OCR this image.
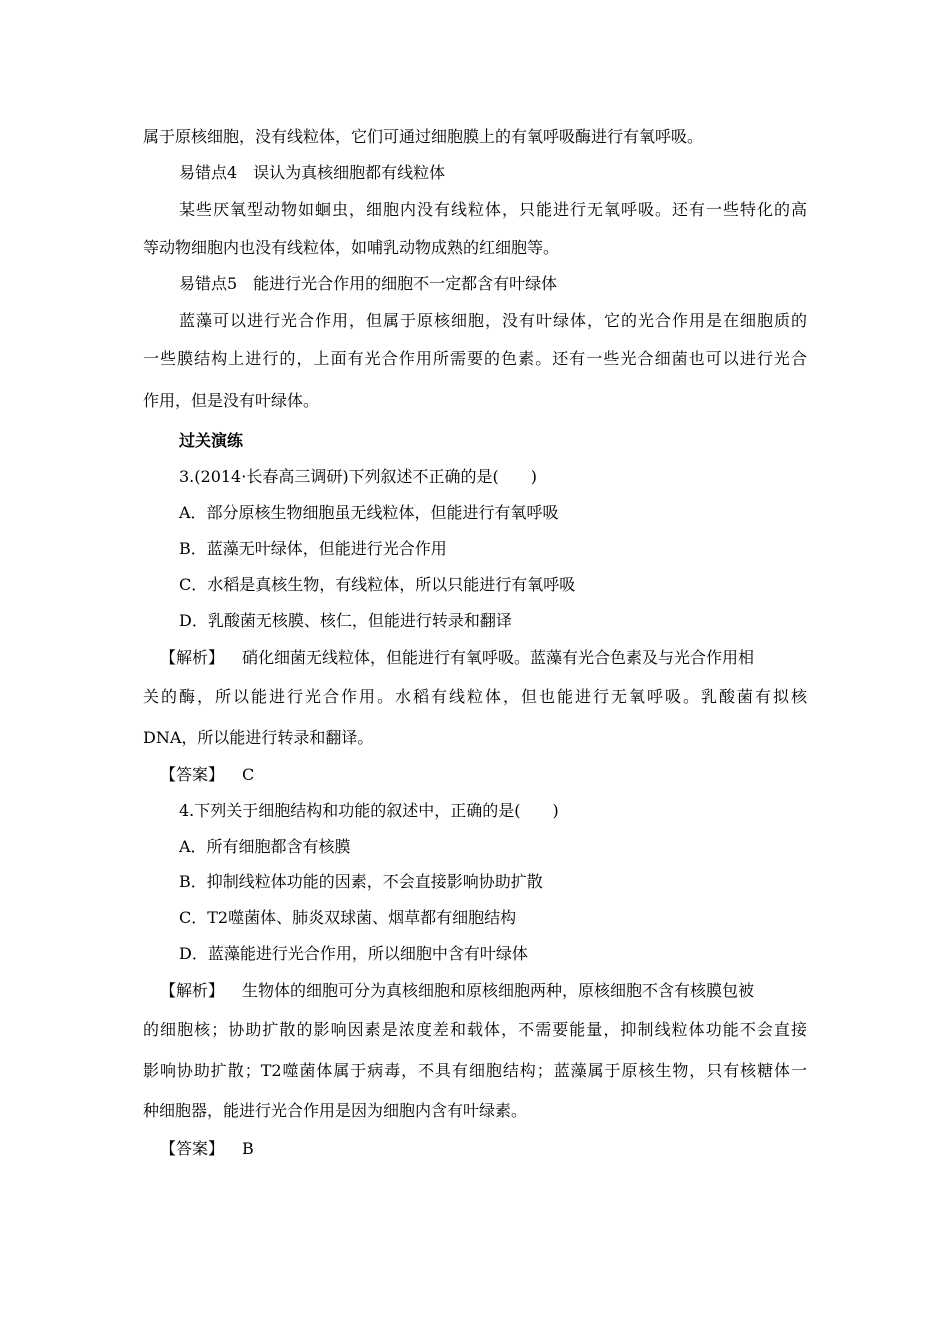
属于原核细胞，没有线粒体，它们可通过细胞膜上的有氧呼吸酶进行有氧呼吸。
易错点4　误认为真核细胞都有线粒体
某些厌氧型动物如蛔虫，细胞内没有线粒体，只能进行无氧呼吸。还有一些特化的高
等动物细胞内也没有线粒体，如哺乳动物成熟的红细胞等。
易错点5　能进行光合作用的细胞不一定都含有叶绿体
蓝藻可以进行光合作用，但属于原核细胞，没有叶绿体，它的光合作用是在细胞质的
一些膜结构上进行的，上面有光合作用所需要的色素。还有一些光合细菌也可以进行光合
作用，但是没有叶绿体。
过关演练
3.(2014·长春高三调研)下列叙述不正确的是(　　)
A．部分原核生物细胞虽无线粒体，但能进行有氧呼吸
B．蓝藻无叶绿体，但能进行光合作用
C．水稻是真核生物，有线粒体，所以只能进行有氧呼吸
D．乳酸菌无核膜、核仁，但能进行转录和翻译
【解析】 硝化细菌无线粒体，但能进行有氧呼吸。蓝藻有光合色素及与光合作用相
关的酶，所以能进行光合作用。水稻有线粒体，但也能进行无氧呼吸。乳酸菌有拟核
DNA，所以能进行转录和翻译。
【答案】 C
4.下列关于细胞结构和功能的叙述中，正确的是(　　)
A．所有细胞都含有核膜
B．抑制线粒体功能的因素，不会直接影响协助扩散
C．T2噬菌体、肺炎双球菌、烟草都有细胞结构
D．蓝藻能进行光合作用，所以细胞中含有叶绿体
【解析】 生物体的细胞可分为真核细胞和原核细胞两种，原核细胞不含有核膜包被
的细胞核；协助扩散的影响因素是浓度差和载体，不需要能量，抑制线粒体功能不会直接
影响协助扩散；T2噬菌体属于病毒，不具有细胞结构；蓝藻属于原核生物，只有核糖体一
种细胞器，能进行光合作用是因为细胞内含有叶绿素。
【答案】 B
